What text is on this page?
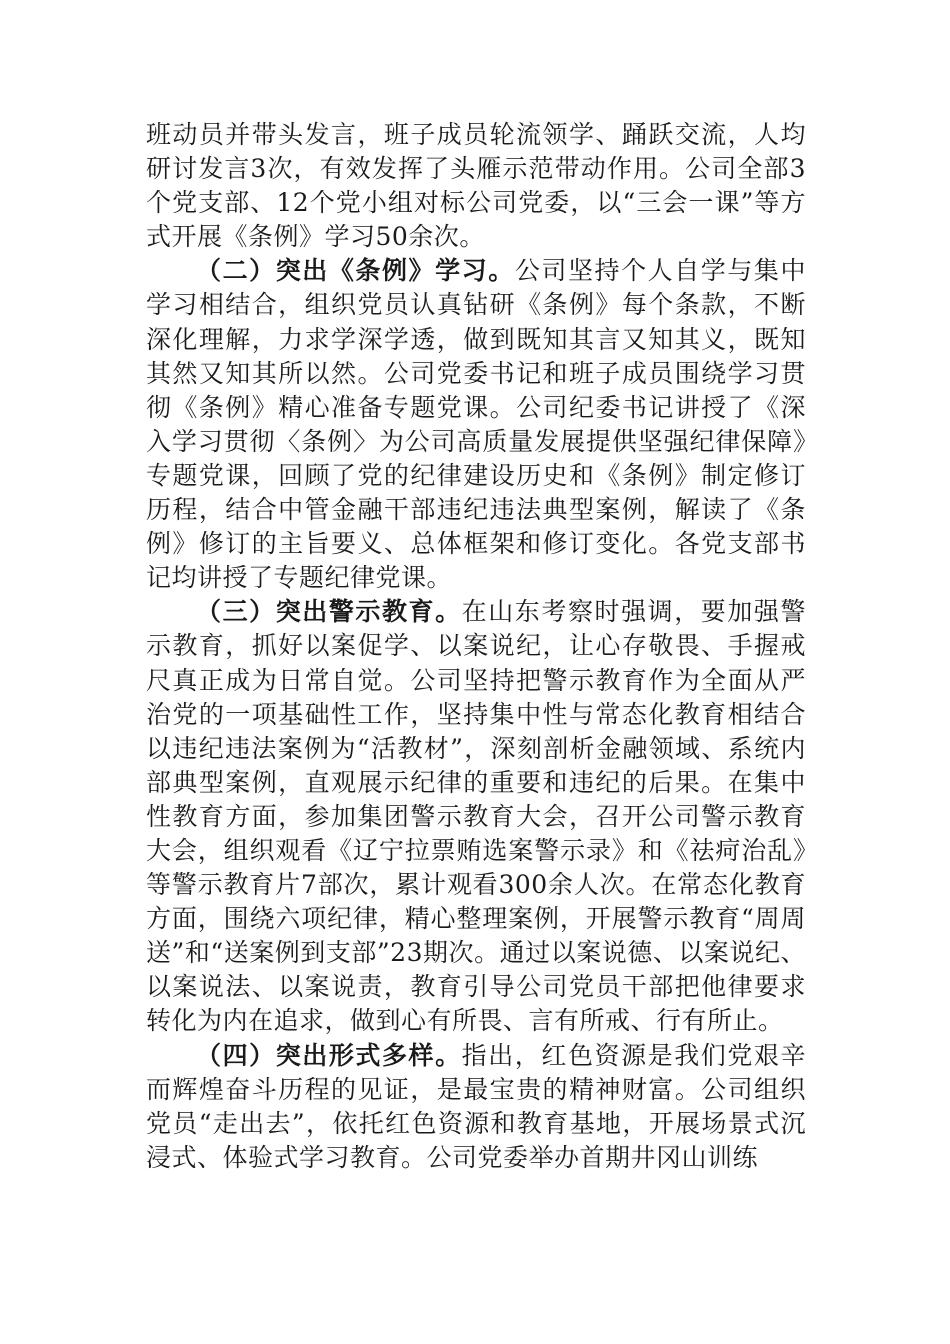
班动员并带头发言，班子成员轮流领学、踊跃交流，人均研讨发言3次，有效发挥了头雁示范带动作用。公司全部3个党支部、12个党小组对标公司党委，以“三会一课”等方式开展《条例》学习50余次。

（二）突出《条例》学习。公司坚持个人自学与集中学习相结合，组织党员认真钻研《条例》每个条款，不断深化理解，力求学深学透，做到既知其言又知其义，既知其然又知其所以然。公司党委书记和班子成员围绕学习贯彻《条例》精心准备专题党课。公司纪委书记讲授了《深入学习贯彻〈条例〉为公司高质量发展提供坚强纪律保障》专题党课，回顾了党的纪律建设历史和《条例》制定修订历程，结合中管金融干部违纪违法典型案例，解读了《条例》修订的主旨要义、总体框架和修订变化。各党支部书记均讲授了专题纪律党课。

（三）突出警示教育。在山东考察时强调，要加强警示教育，抓好以案促学、以案说纪，让心存敬畏、手握戒尺真正成为日常自觉。公司坚持把警示教育作为全面从严治党的一项基础性工作，坚持集中性与常态化教育相结合以违纪违法案例为“活教材”，深刻剖析金融领域、系统内部典型案例，直观展示纪律的重要和违纪的后果。在集中性教育方面，参加集团警示教育大会，召开公司警示教育大会，组织观看《辽宁拉票贿选案警示录》和《祛疴治乱》等警示教育片7部次，累计观看300余人次。在常态化教育方面，围绕六项纪律，精心整理案例，开展警示教育“周周送”和“送案例到支部”23期次。通过以案说德、以案说纪、以案说法、以案说责，教育引导公司党员干部把他律要求转化为内在追求，做到心有所畏、言有所戒、行有所止。

（四）突出形式多样。指出，红色资源是我们党艰辛而辉煌奋斗历程的见证，是最宝贵的精神财富。公司组织党员“走出去”，依托红色资源和教育基地，开展场景式沉浸式、体验式学习教育。公司党委举办首期井冈山训练
